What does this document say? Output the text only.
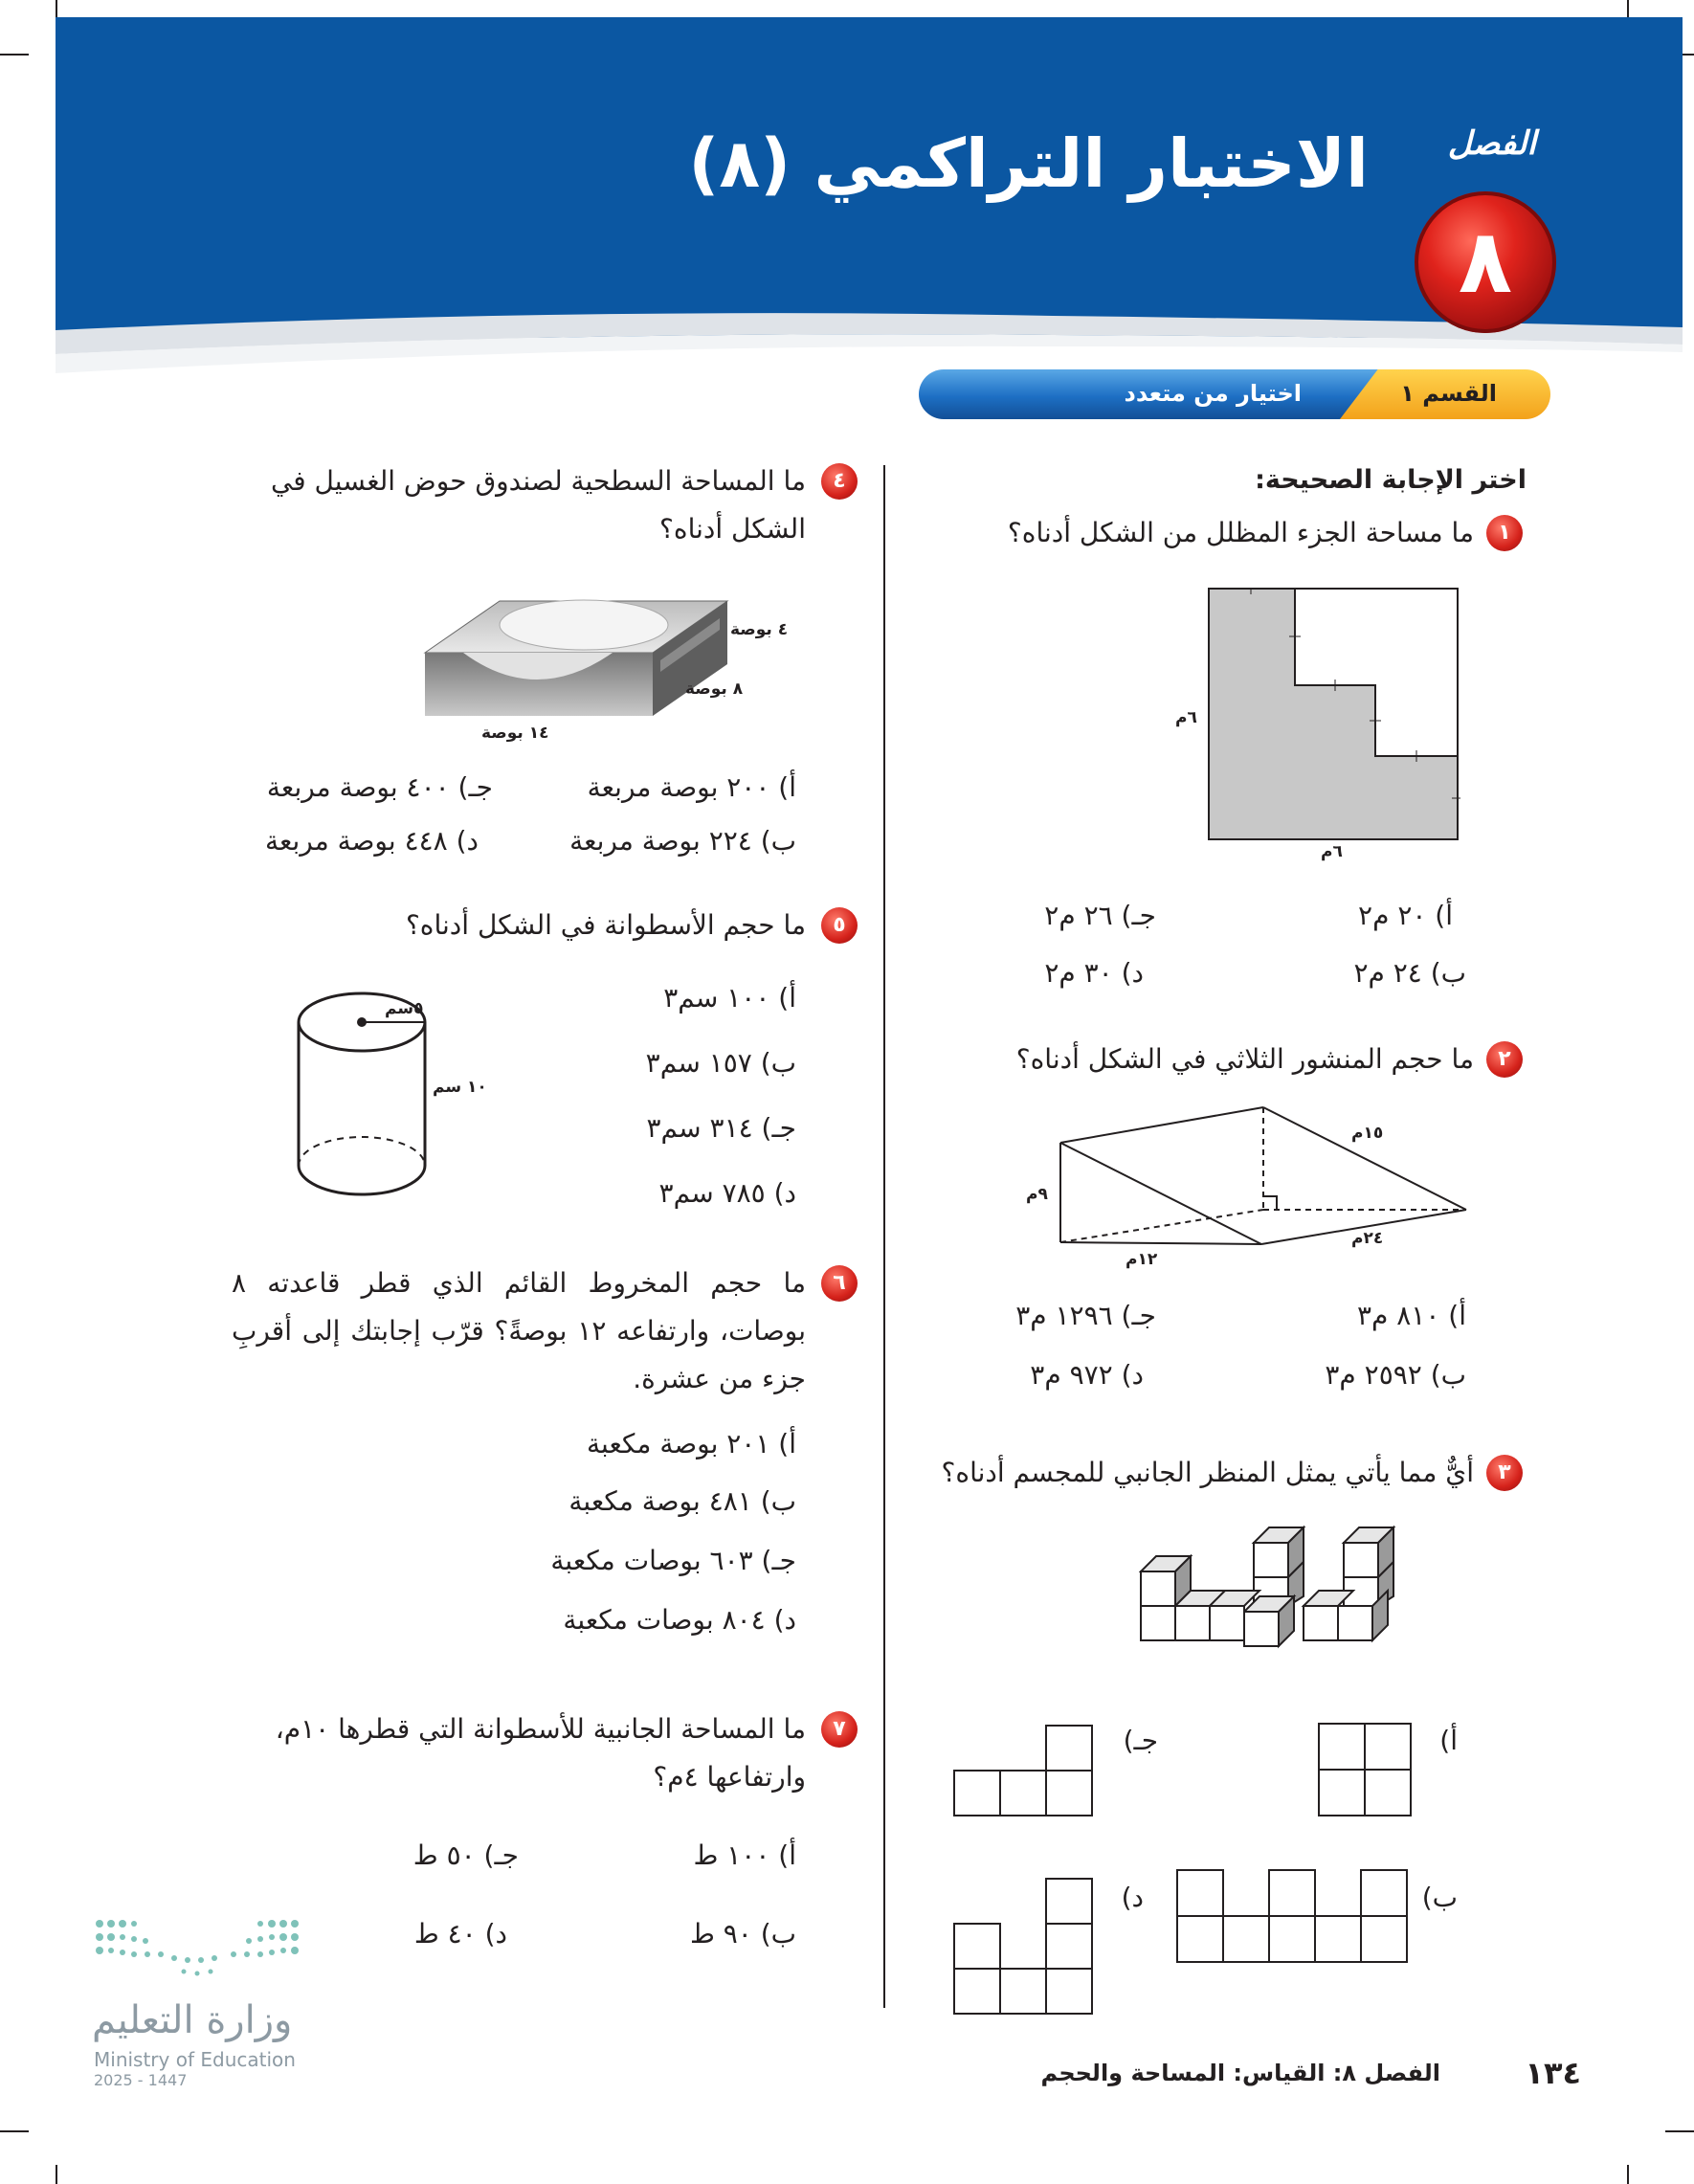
الاختبار التراكمي (٨) الفصل
٨
القسم ١
اختيار من متعدد
اختر الإجابة الصحيحة:
١
ما مساحة الجزء المظلل من الشكل أدناه؟
٦م
٦م
أ) ٢٠ م٢
ب) ٢٤ م٢
جـ) ٢٦ م٢
د) ٣٠ م٢
٢
ما حجم المنشور الثلاثي في الشكل أدناه؟
١٥م
٩م
١٢م
٢٤م
أ) ٨١٠ م٣
ب) ٢٥٩٢ م٣
جـ) ١٢٩٦ م٣
د) ٩٧٢ م٣
٣
أيٌّ مما يأتي يمثل المنظر الجانبي للمجسم أدناه؟
أ)
جـ)
ب)
د)
٤
ما المساحة السطحية لصندوق حوض الغسيل في الشكل أدناه؟
٤ بوصة
٨ بوصة
١٤ بوصة
أ) ٢٠٠ بوصة مربعة
ب) ٢٢٤ بوصة مربعة
جـ) ٤٠٠ بوصة مربعة
د) ٤٤٨ بوصة مربعة
٥
ما حجم الأسطوانة في الشكل أدناه؟
٥سم
١٠ سم
أ) ١٠٠ سم٣
ب) ١٥٧ سم٣
جـ) ٣١٤ سم٣
د) ٧٨٥ سم٣
٦
ما حجم المخروط القائم الذي قطر قاعدته ٨ بوصات، وارتفاعه ١٢ بوصةً؟ قرّب إجابتك إلى أقربِ جزء من عشرة.
أ) ٢٠١ بوصة مكعبة
ب) ٤٨١ بوصة مكعبة
جـ) ٦٠٣ بوصات مكعبة
د) ٨٠٤ بوصات مكعبة
٧
ما المساحة الجانبية للأسطوانة التي قطرها ١٠م، وارتفاعها ٤م؟
أ) ١٠٠ ط
ب) ٩٠ ط
جـ) ٥٠ ط
د) ٤٠ ط
وزارة التعليم
Ministry of Education
2025 - 1447	الفصل ٨: القياس: المساحة والحجم	١٣٤
